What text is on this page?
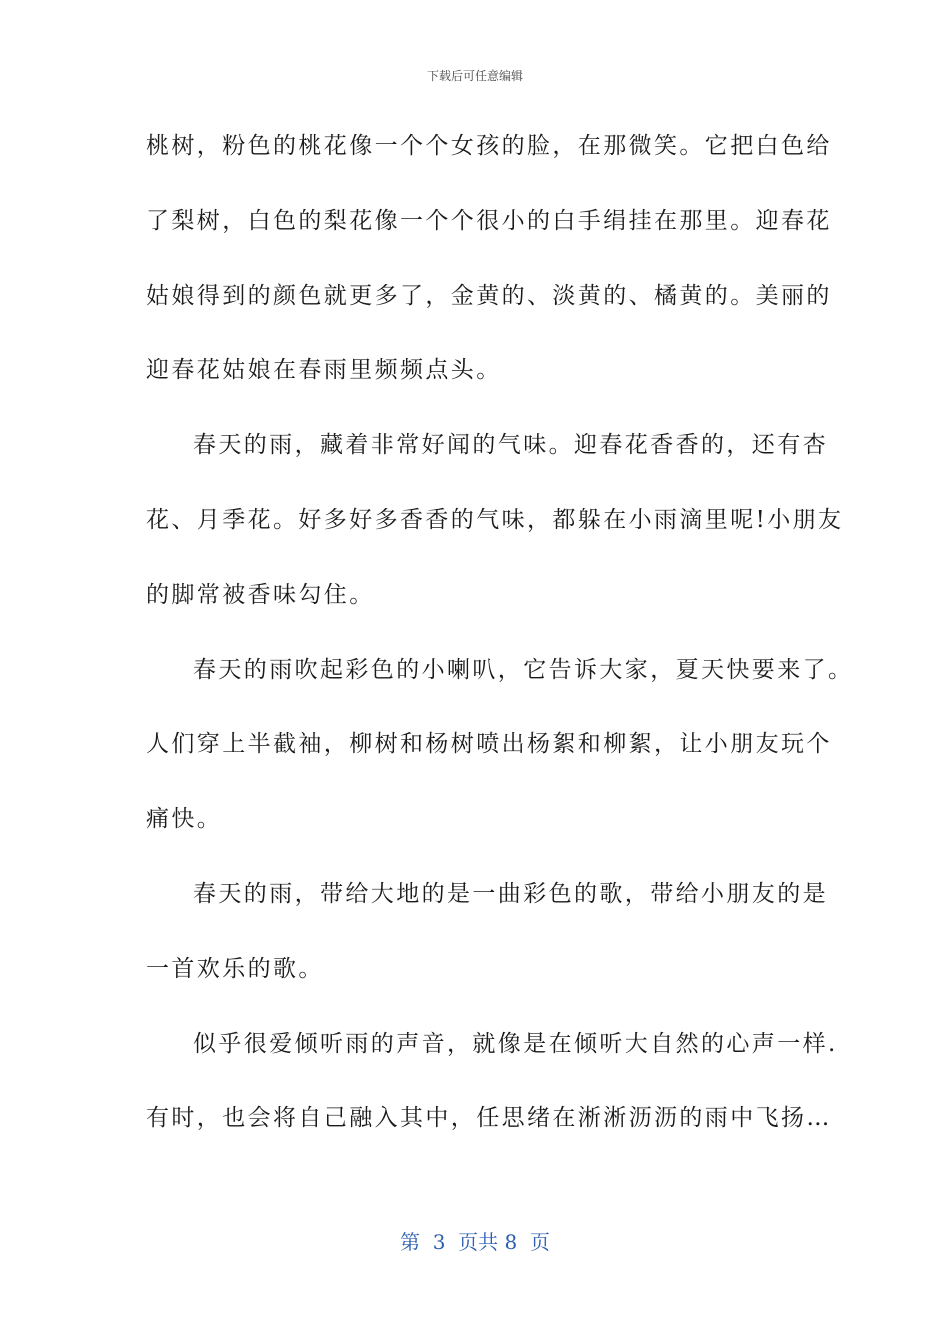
下载后可任意编辑
桃树，粉色的桃花像一个个女孩的脸，在那微笑。它把白色给
了梨树，白色的梨花像一个个很小的白手绢挂在那里。迎春花
姑娘得到的颜色就更多了，金黄的、淡黄的、橘黄的。美丽的
迎春花姑娘在春雨里频频点头。
春天的雨，藏着非常好闻的气味。迎春花香香的，还有杏
花、月季花。好多好多香香的气味，都躲在小雨滴里呢!小朋友
的脚常被香味勾住。
春天的雨吹起彩色的小喇叭，它告诉大家，夏天快要来了。
人们穿上半截袖，柳树和杨树喷出杨絮和柳絮，让小朋友玩个
痛快。
春天的雨，带给大地的是一曲彩色的歌，带给小朋友的是
一首欢乐的歌。
似乎很爱倾听雨的声音，就像是在倾听大自然的心声一样.
有时，也会将自己融入其中，任思绪在淅淅沥沥的雨中飞扬…
第  3  页共 8  页
